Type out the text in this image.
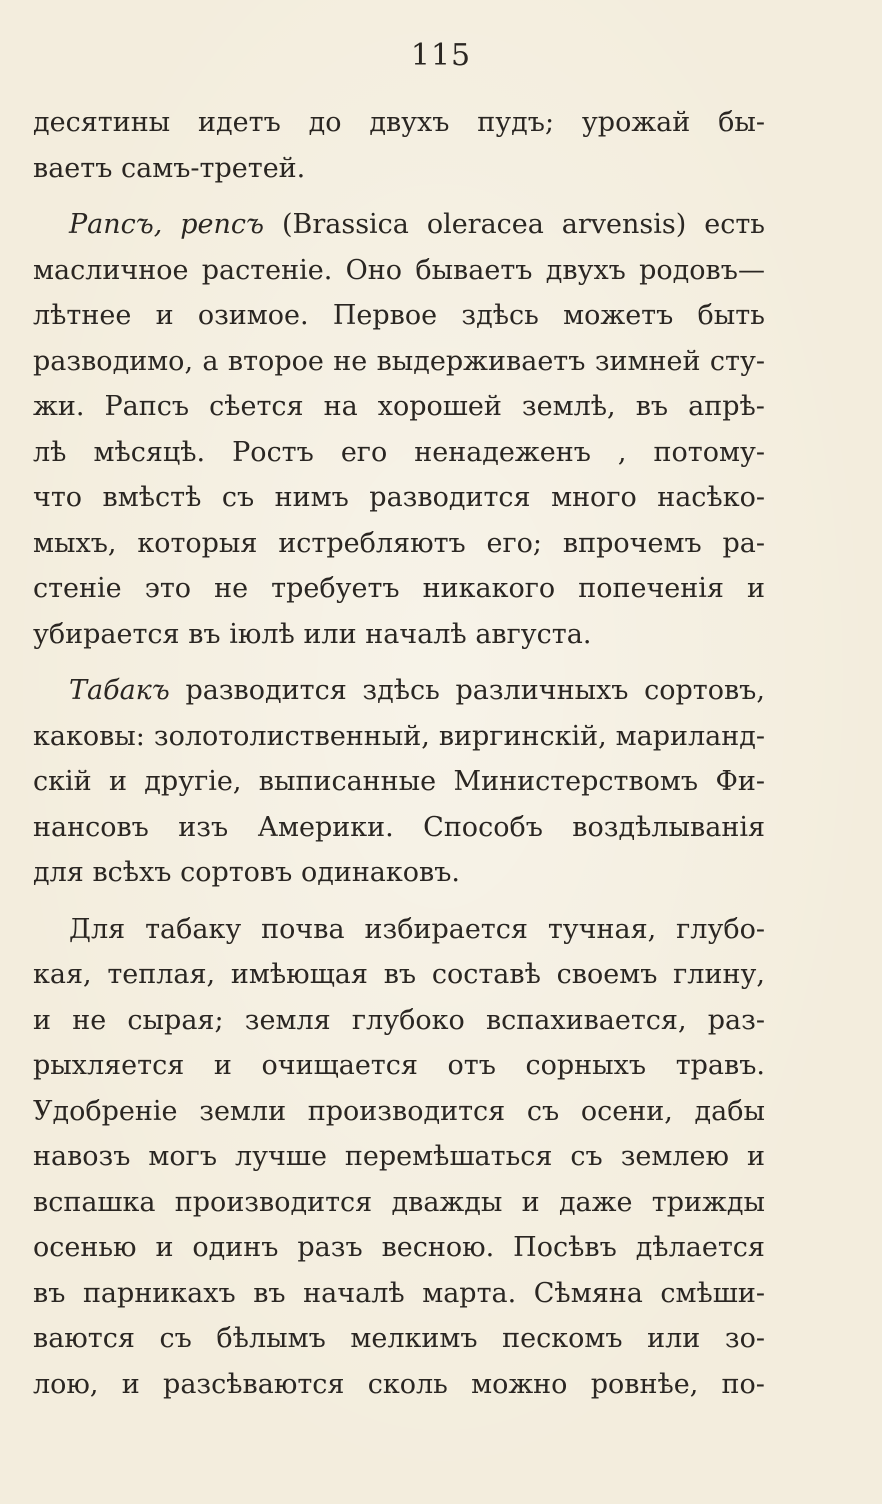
115
десятины идетъ до двухъ пудъ; урожай бы-
ваетъ самъ-третей.
Рапсъ, репсъ (Brassica oleracea arvensis) есть
масличное растеніе. Оно бываетъ двухъ родовъ—
лѣтнее и озимое. Первое здѣсь можетъ быть
разводимо, а второе не выдерживаетъ зимней сту-
жи. Рапсъ сѣется на хорошей землѣ, въ апрѣ-
лѣ мѣсяцѣ. Ростъ его ненадеженъ , потому-
что вмѣстѣ съ нимъ разводится много насѣко-
мыхъ, которыя истребляютъ его; впрочемъ ра-
стеніе это не требуетъ никакого попеченія и
убирается въ іюлѣ или началѣ августа.
Табакъ разводится здѣсь различныхъ сортовъ,
каковы: золотолиственный, виргинскій, мариланд-
скій и другіе, выписанные Министерствомъ Фи-
нансовъ изъ Америки. Способъ воздѣлыванія
для всѣхъ сортовъ одинаковъ.
Для табаку почва избирается тучная, глубо-
кая, теплая, имѣющая въ составѣ своемъ глину,
и не сырая; земля глубоко вспахивается, раз-
рыхляется и очищается отъ сорныхъ травъ.
Удобреніе земли производится съ осени, дабы
навозъ могъ лучше перемѣшаться съ землею и
вспашка производится дважды и даже трижды
осенью и одинъ разъ весною. Посѣвъ дѣлается
въ парникахъ въ началѣ марта. Сѣмяна смѣши-
ваются съ бѣлымъ мелкимъ пескомъ или зо-
лою, и разсѣваются сколь можно ровнѣе, по-
